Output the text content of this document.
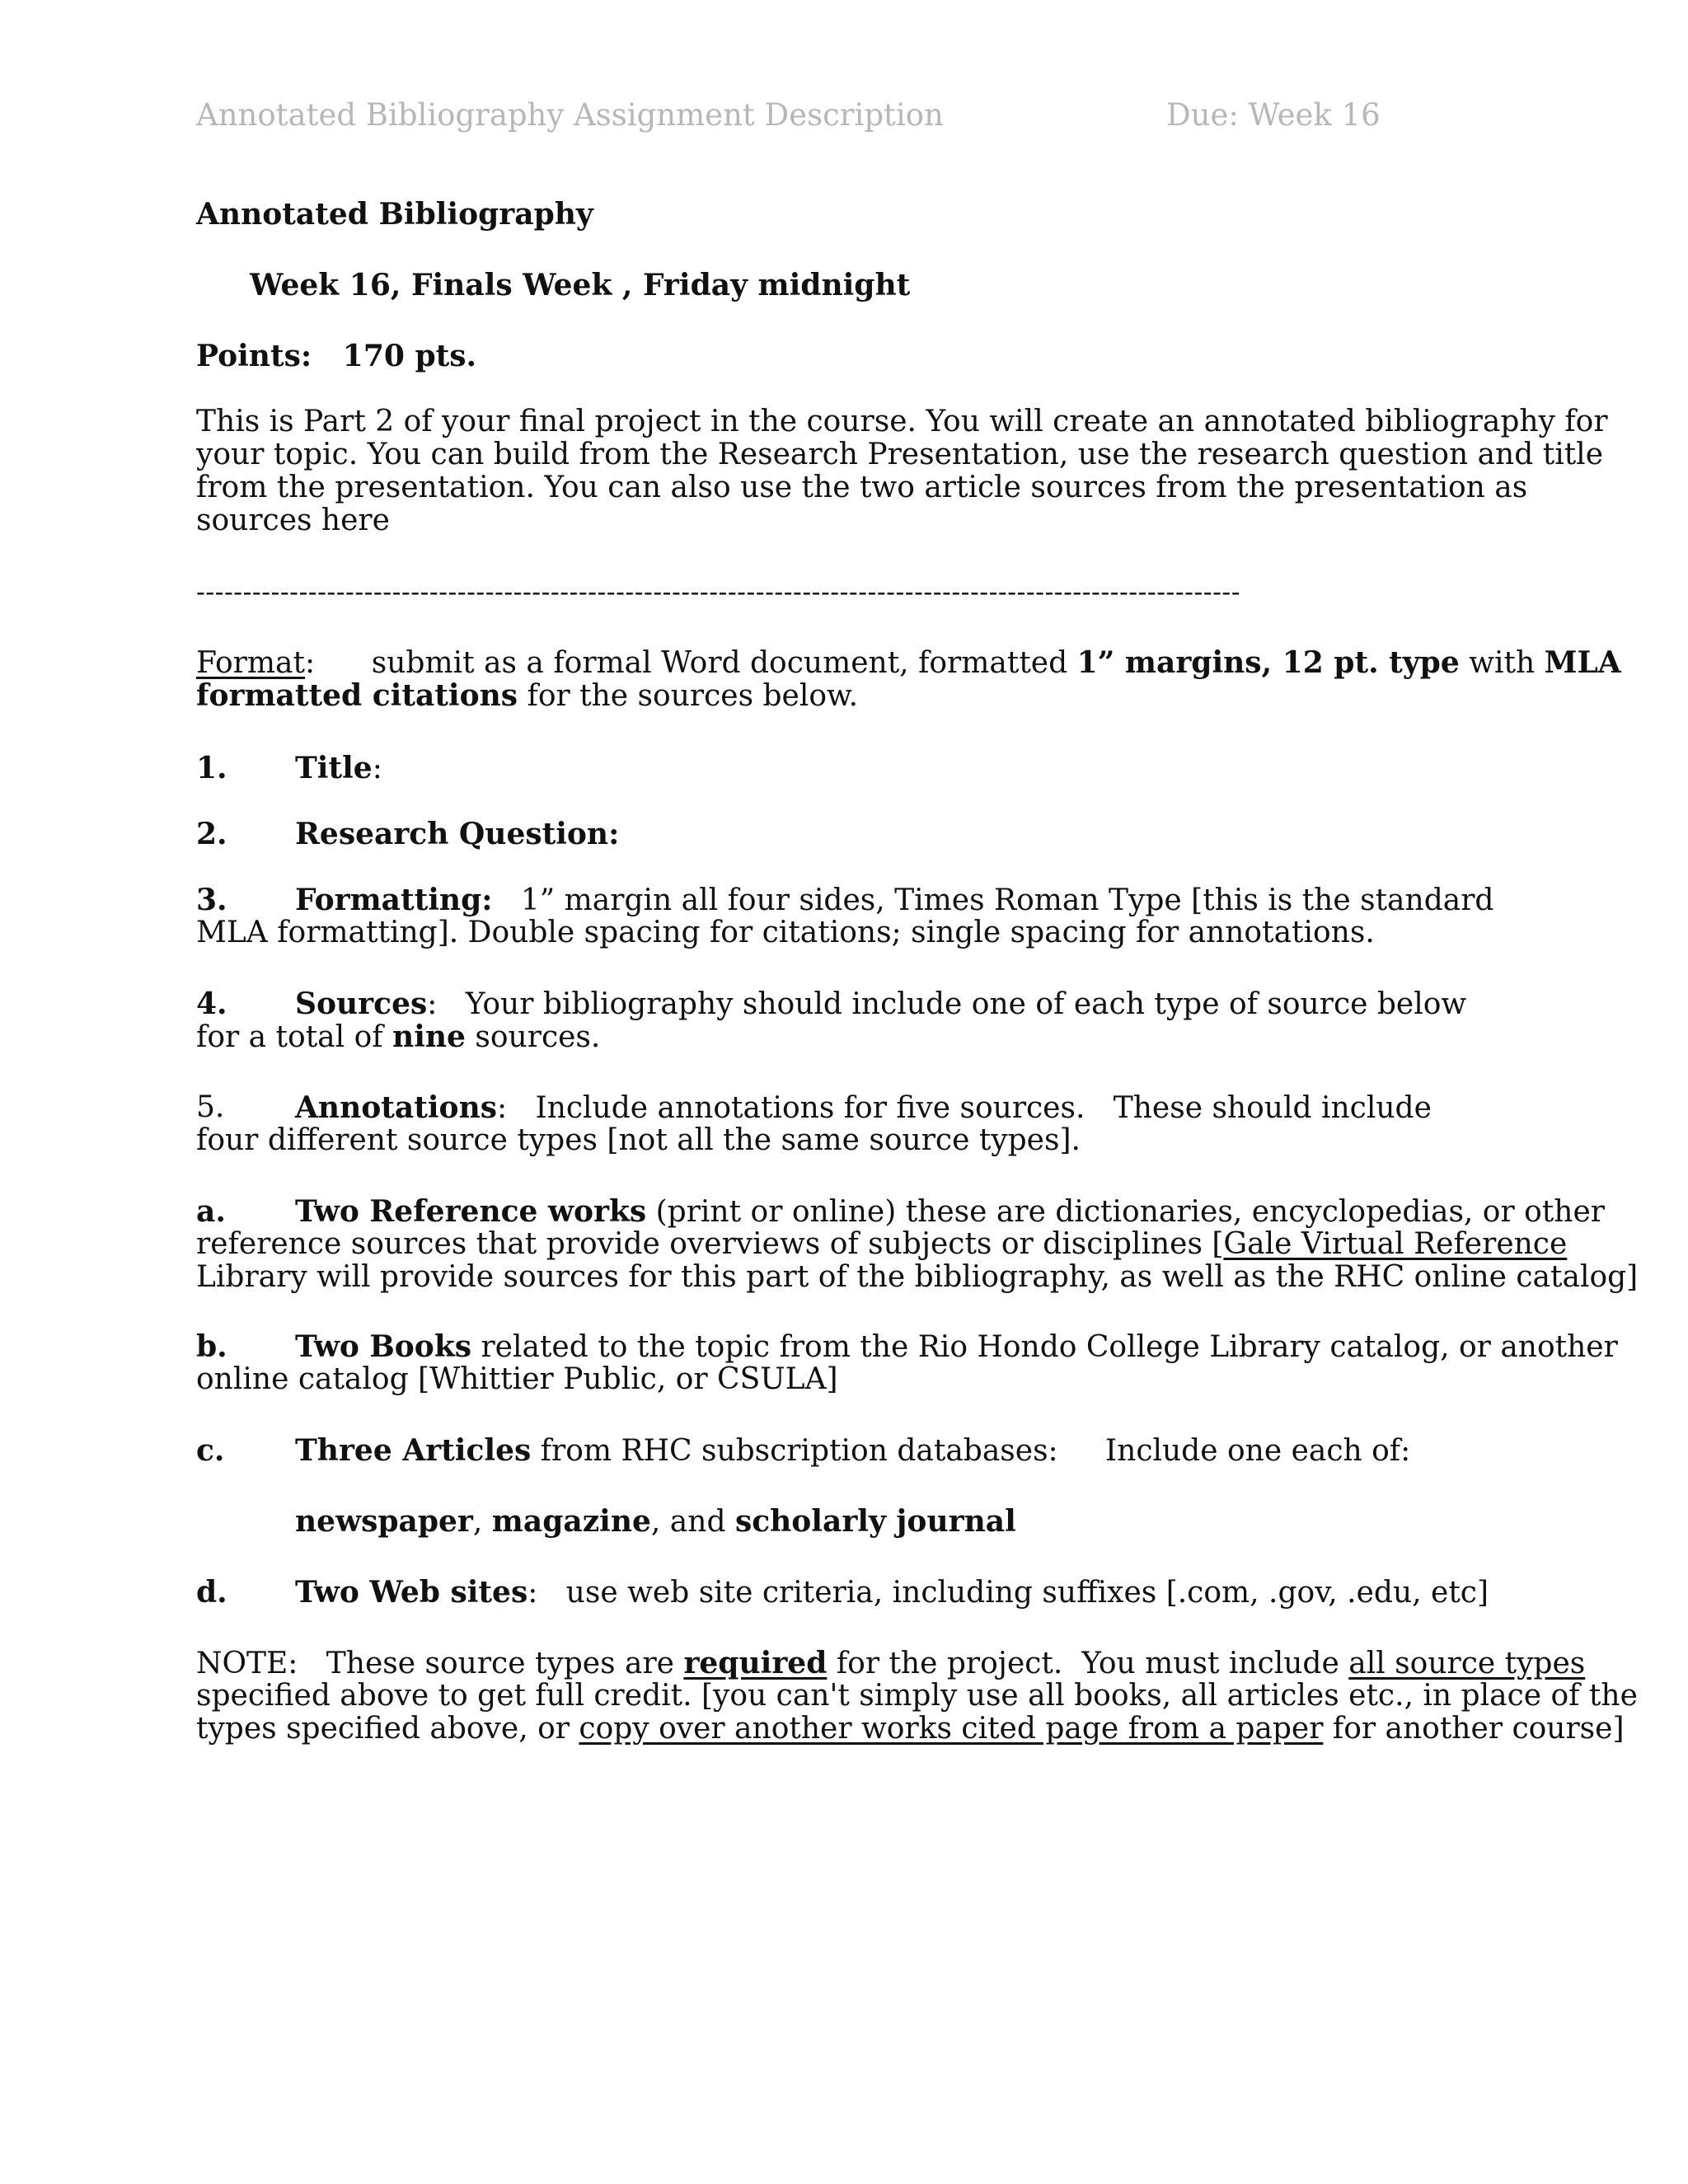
Annotated Bibliography Assignment Description	Due: Week 16
Annotated Bibliography
Week 16, Finals Week , Friday midnight
Points: 170 pts.
This is Part 2 of your final project in the course. You will create an annotated bibliography for
your topic. You can build from the Research Presentation, use the research question and title
from the presentation. You can also use the two article sources from the presentation as
sources here
----------------------------------------------------------------------------------------------------------------
Format:      submit as a formal Word document, formatted 1” margins, 12 pt. type with MLA
formatted citations for the sources below.
1. Title:
2. Research Question:
3. Formatting:   1” margin all four sides, Times Roman Type [this is the standard
MLA formatting]. Double spacing for citations; single spacing for annotations.
4. Sources:   Your bibliography should include one of each type of source below
for a total of nine sources.
5. Annotations:   Include annotations for five sources.   These should include
four different source types [not all the same source types].
a. Two Reference works (print or online) these are dictionaries, encyclopedias, or other
reference sources that provide overviews of subjects or disciplines [Gale Virtual Reference
Library will provide sources for this part of the bibliography, as well as the RHC online catalog]
b. Two Books related to the topic from the Rio Hondo College Library catalog, or another
online catalog [Whittier Public, or CSULA]
c. Three Articles from RHC subscription databases:     Include one each of:
newspaper, magazine, and scholarly journal
d. Two Web sites:   use web site criteria, including suffixes [.com, .gov, .edu, etc]
NOTE:   These source types are required for the project.  You must include all source types
specified above to get full credit. [you can't simply use all books, all articles etc., in place of the
types specified above, or copy over another works cited page from a paper for another course]
